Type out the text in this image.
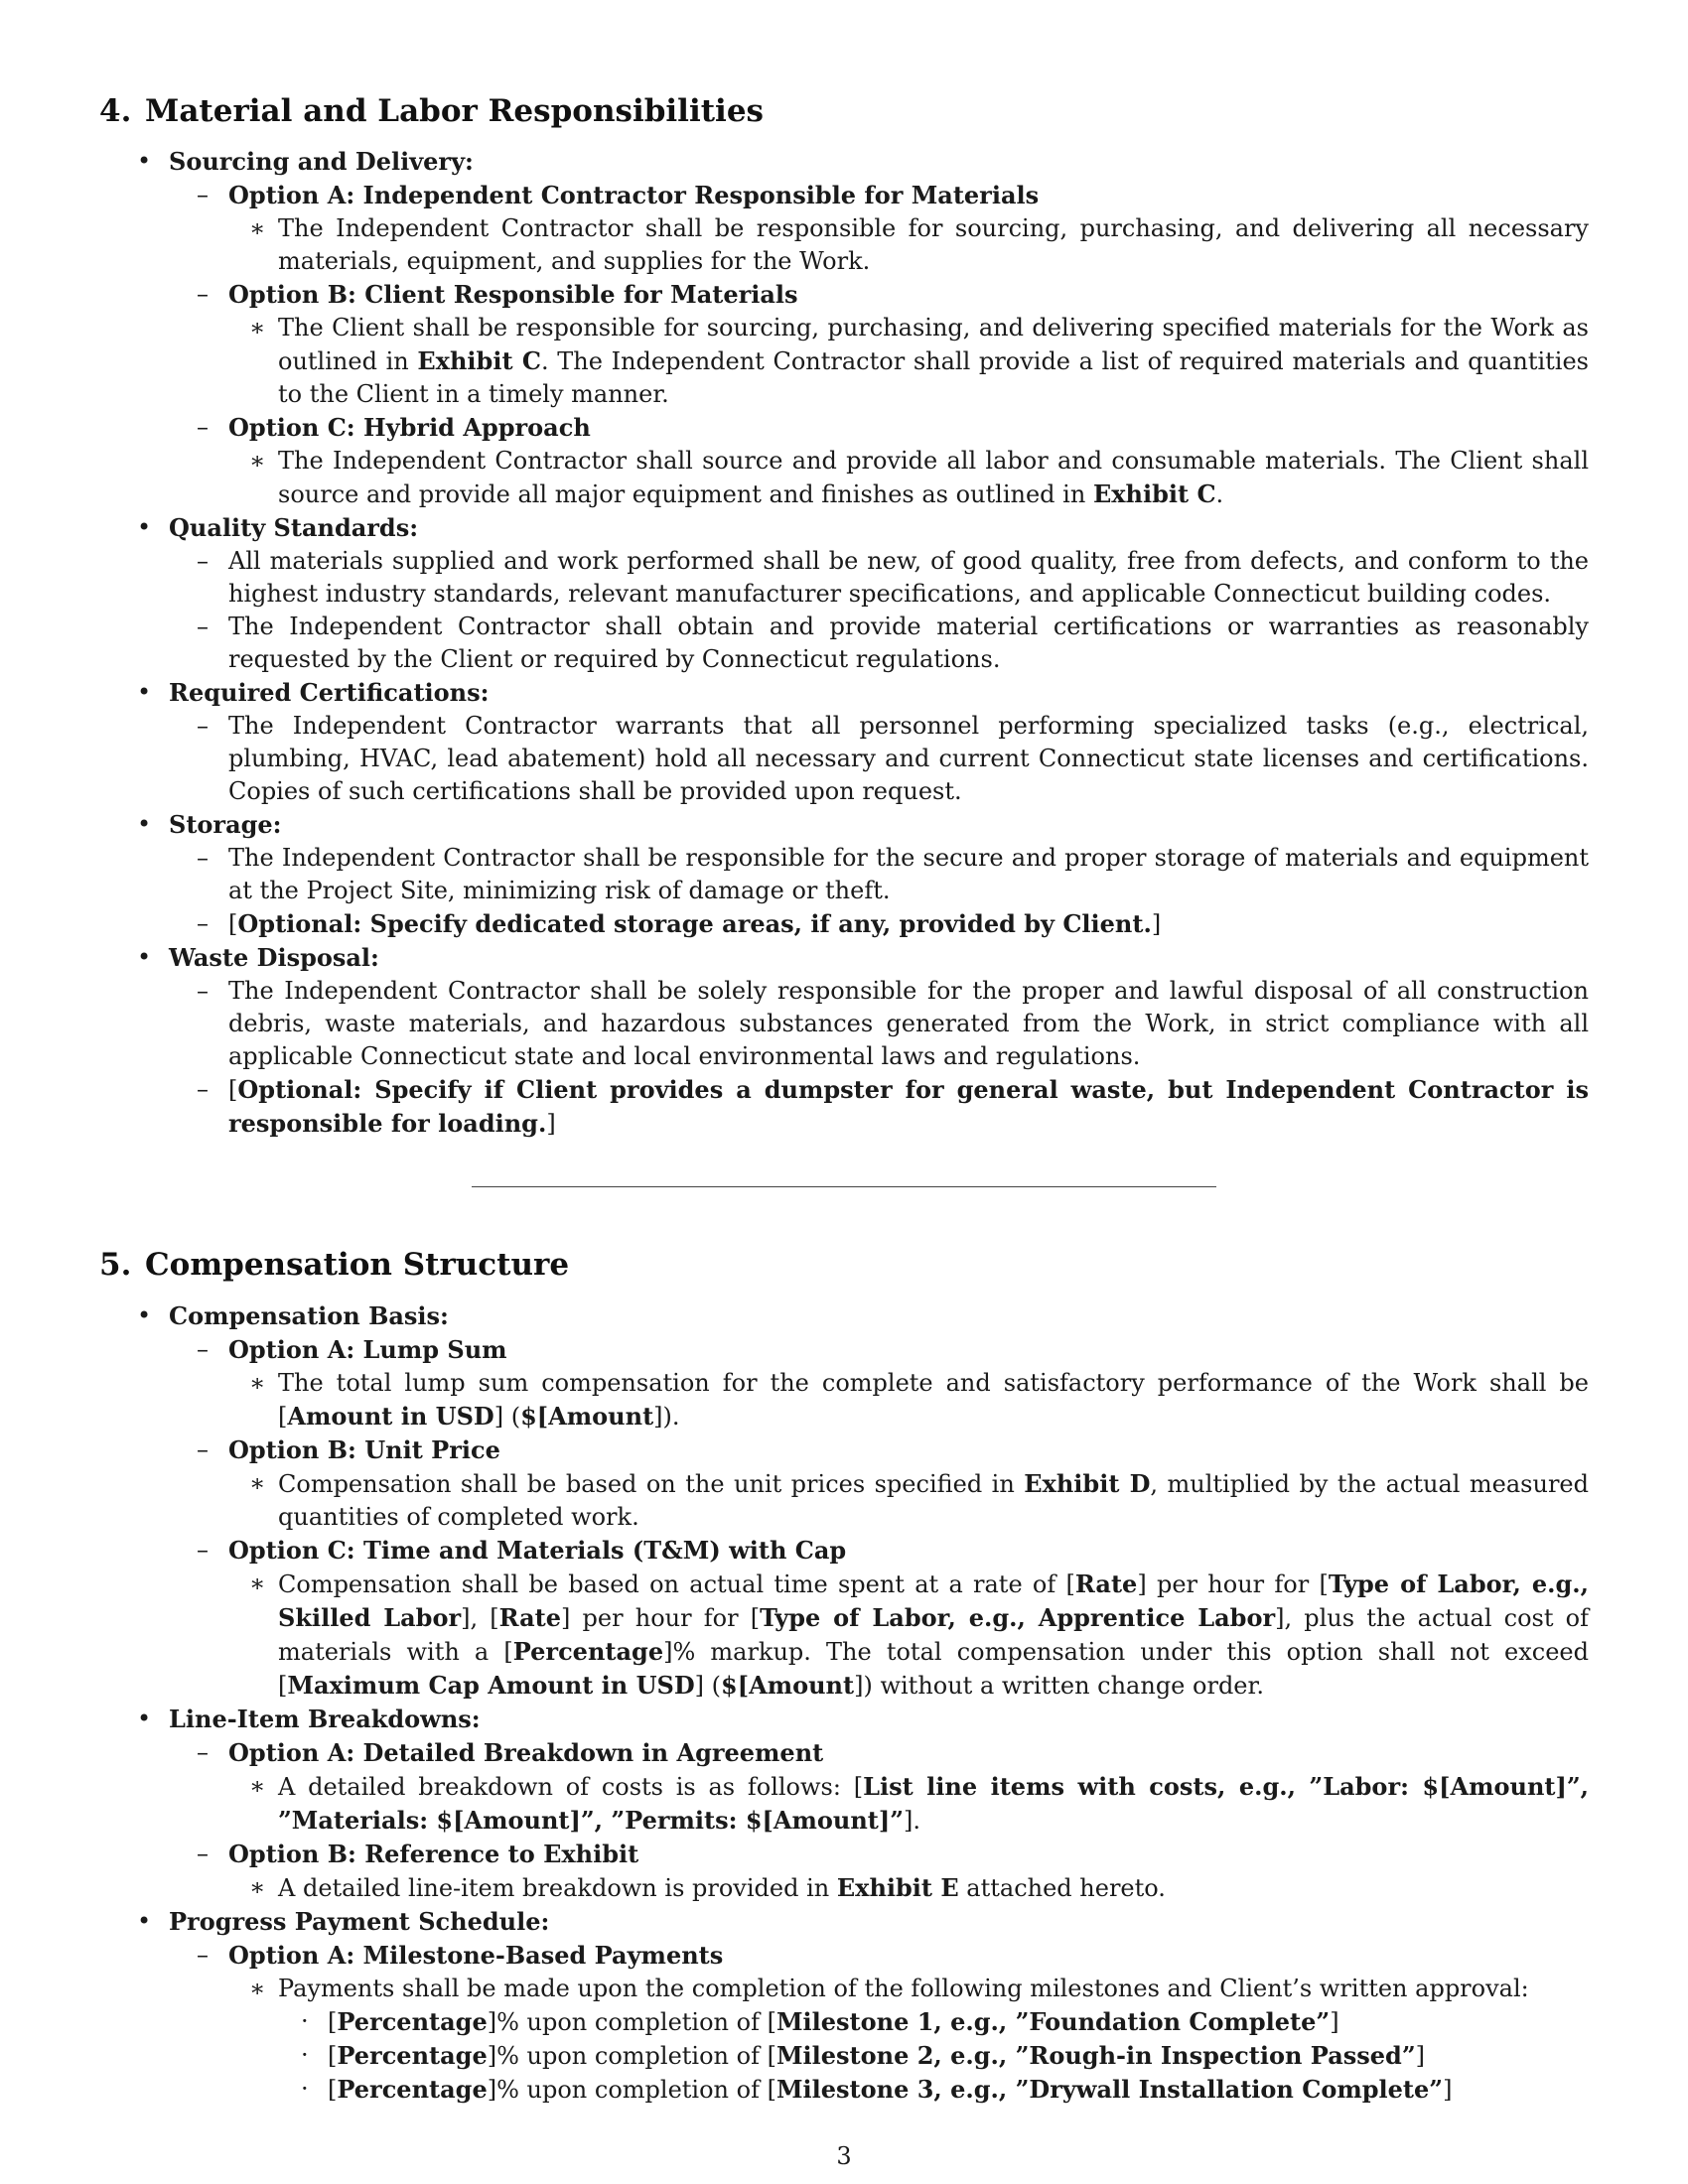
4. Material and Labor Responsibilities
• Sourcing and Delivery:
– Option A: Independent Contractor Responsible for Materials
∗ The Independent Contractor shall be responsible for sourcing, purchasing, and delivering all necessary materials, equipment, and supplies for the Work.
– Option B: Client Responsible for Materials
∗ The Client shall be responsible for sourcing, purchasing, and delivering specified materials for the Work as outlined in Exhibit C. The Independent Contractor shall provide a list of required materials and quantities to the Client in a timely manner.
– Option C: Hybrid Approach
∗ The Independent Contractor shall source and provide all labor and consumable materials. The Client shall source and provide all major equipment and finishes as outlined in Exhibit C.
• Quality Standards:
– All materials supplied and work performed shall be new, of good quality, free from defects, and conform to the highest industry standards, relevant manufacturer specifications, and applicable Connecticut building codes.
– The Independent Contractor shall obtain and provide material certifications or warranties as reasonably requested by the Client or required by Connecticut regulations.
• Required Certifications:
– The Independent Contractor warrants that all personnel performing specialized tasks (e.g., electrical, plumbing, HVAC, lead abatement) hold all necessary and current Connecticut state licenses and certifications. Copies of such certifications shall be provided upon request.
• Storage:
– The Independent Contractor shall be responsible for the secure and proper storage of materials and equipment at the Project Site, minimizing risk of damage or theft.
– [Optional: Specify dedicated storage areas, if any, provided by Client.]
• Waste Disposal:
– The Independent Contractor shall be solely responsible for the proper and lawful disposal of all construction debris, waste materials, and hazardous substances generated from the Work, in strict compliance with all applicable Connecticut state and local environmental laws and regulations.
– [Optional: Specify if Client provides a dumpster for general waste, but Independent Contractor is responsible for loading.]
5. Compensation Structure
• Compensation Basis:
– Option A: Lump Sum
∗ The total lump sum compensation for the complete and satisfactory performance of the Work shall be [Amount in USD] ($[Amount]).
– Option B: Unit Price
∗ Compensation shall be based on the unit prices specified in Exhibit D, multiplied by the actual measured quantities of completed work.
– Option C: Time and Materials (T&M) with Cap
∗ Compensation shall be based on actual time spent at a rate of [Rate] per hour for [Type of Labor, e.g., Skilled Labor], [Rate] per hour for [Type of Labor, e.g., Apprentice Labor], plus the actual cost of materials with a [Percentage]% markup. The total compensation under this option shall not exceed [Maximum Cap Amount in USD] ($[Amount]) without a written change order.
• Line-Item Breakdowns:
– Option A: Detailed Breakdown in Agreement
∗ A detailed breakdown of costs is as follows: [List line items with costs, e.g., ”Labor: $[Amount]”, ”Materials: $[Amount]”, ”Permits: $[Amount]”].
– Option B: Reference to Exhibit
∗ A detailed line-item breakdown is provided in Exhibit E attached hereto.
• Progress Payment Schedule:
– Option A: Milestone-Based Payments
∗ Payments shall be made upon the completion of the following milestones and Client’s written approval:
· [Percentage]% upon completion of [Milestone 1, e.g., ”Foundation Complete”]
· [Percentage]% upon completion of [Milestone 2, e.g., ”Rough-in Inspection Passed”]
· [Percentage]% upon completion of [Milestone 3, e.g., ”Drywall Installation Complete”]
3
